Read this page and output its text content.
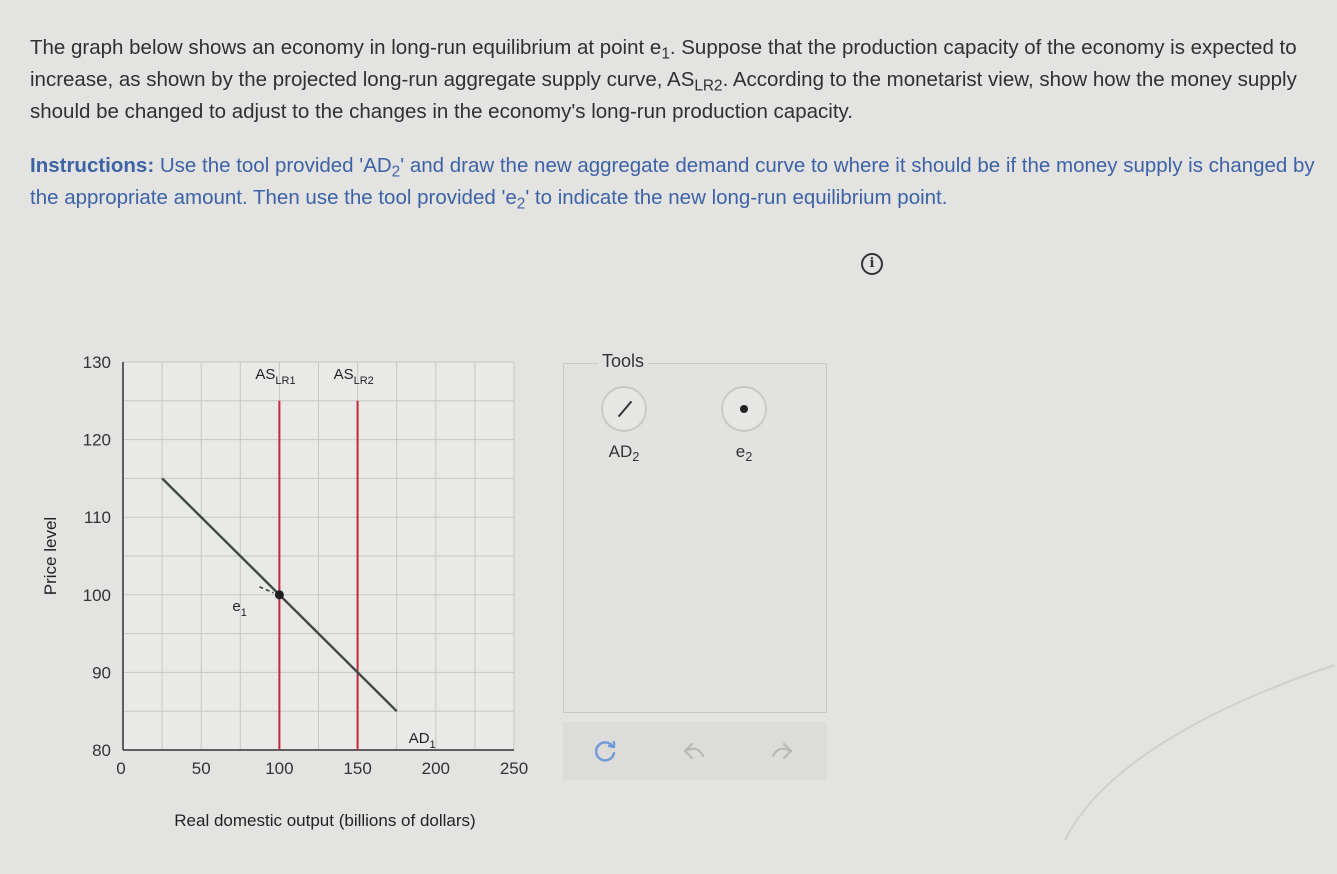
The graph below shows an economy in long-run equilibrium at point $e_1$. Suppose that the production capacity of the economy is expected to increase, as shown by the projected long-run aggregate supply curve, $AS_{LR2}$. According to the monetarist view, show how the money supply should be changed to adjust to the changes in the economy's long-run production capacity.

Instructions: Use the tool provided '$AD_2$' and draw the new aggregate demand curve to where it should be if the money supply is changed by the appropriate amount. Then use the tool provided '$e_2$' to indicate the new long-run equilibrium point.

i
80
90
100
110
120
130
0	50	100	150	200	250
Real domestic output (billions of dollars)
Price level
$AS_{LR1}$	$AS_{LR2}$
$AD_1$
$e_1$
Tools
$AD_2$	$e_2$
